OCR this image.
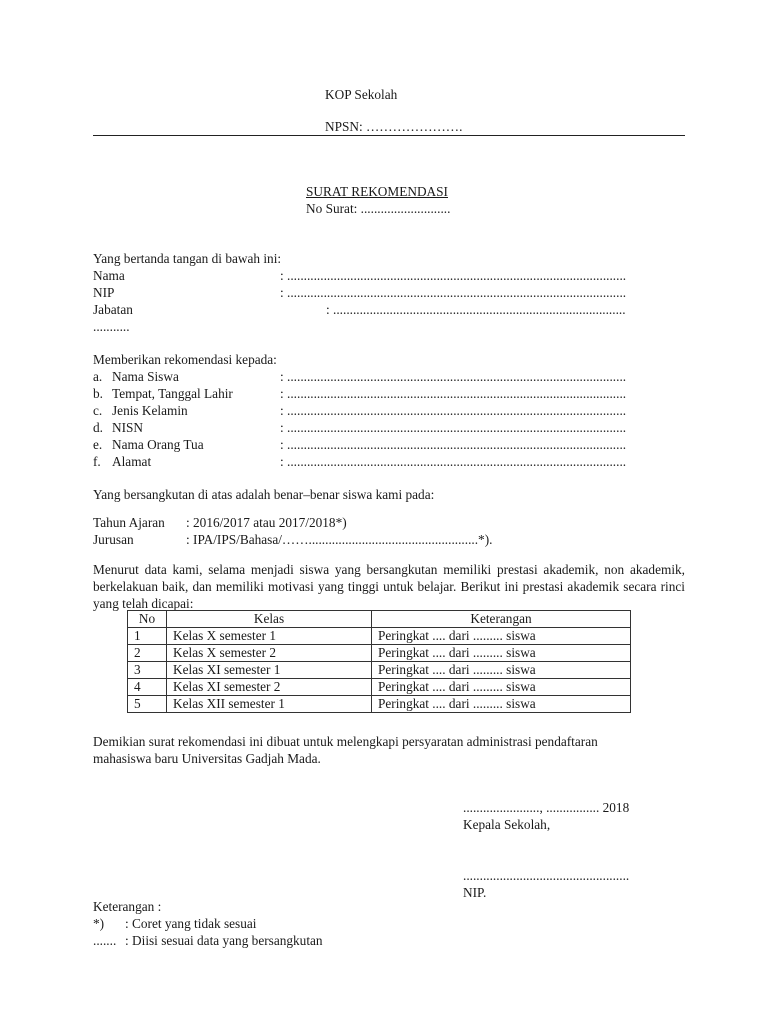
KOP Sekolah
NPSN: ………………….
SURAT REKOMENDASI
No Surat: ...........................
Yang bertanda tangan di bawah ini:
Nama	: ......................................................................................................
NIP	: ......................................................................................................
Jabatan	: ........................................................................................
...........
Memberikan rekomendasi kepada:
a. Nama Siswa	: ......................................................................................................
b. Tempat, Tanggal Lahir	: ......................................................................................................
c. Jenis Kelamin	: ......................................................................................................
d. NISN	: ......................................................................................................
e. Nama Orang Tua	: ......................................................................................................
f. Alamat	: ......................................................................................................
Yang bersangkutan di atas adalah benar–benar siswa kami pada:
Tahun Ajaran : 2016/2017 atau 2017/2018*)
Jurusan	: IPA/IPS/Bahasa/……...................................................*).
Menurut data kami, selama menjadi siswa yang bersangkutan memiliki prestasi akademik, non akademik, berkelakuan baik, dan memiliki motivasi yang tinggi untuk belajar. Berikut ini prestasi akademik secara rinci yang telah dicapai:
No	Kelas	Keterangan
1	Kelas X semester 1	Peringkat .... dari ......... siswa
2	Kelas X semester 2	Peringkat .... dari ......... siswa
3	Kelas XI semester 1	Peringkat .... dari ......... siswa
4	Kelas XI semester 2	Peringkat .... dari ......... siswa
5	Kelas XII semester 1	Peringkat .... dari ......... siswa
Demikian surat rekomendasi ini dibuat untuk melengkapi persyaratan administrasi pendaftaran mahasiswa baru Universitas Gadjah Mada.
......................., ................ 2018
Kepala Sekolah,
..................................................
NIP.
Keterangan :
*) : Coret yang tidak sesuai
....... : Diisi sesuai data yang bersangkutan
